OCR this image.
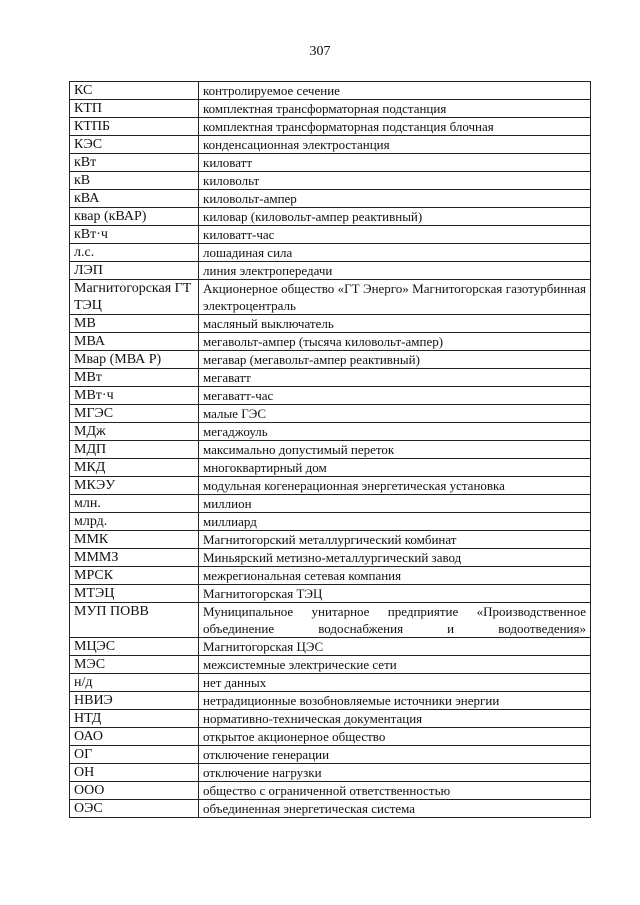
307
КС	контролируемое сечение
КТП	комплектная трансформаторная подстанция
КТПБ	комплектная трансформаторная подстанция блочная
КЭС	конденсационная электростанция
кВт	киловатт
кВ	киловольт
кВА	киловольт-ампер
квар (кВАР)	киловар (киловольт-ампер реактивный)
кВт·ч	киловатт-час
л.с.	лошадиная сила
ЛЭП	линия электропередачи
Магнитогорская ГТ ТЭЦ	Акционерное общество «ГТ Энерго» Магнитогорская газотурбинная электроцентраль
МВ	масляный выключатель
МВА	мегавольт-ампер (тысяча киловольт-ампер)
Мвар (МВА Р)	мегавар (мегавольт-ампер реактивный)
МВт	мегаватт
МВт·ч	мегаватт-час
МГЭС	малые ГЭС
МДж	мегаджоуль
МДП	максимально допустимый переток
МКД	многоквартирный дом
МКЭУ	модульная когенерационная энергетическая установка
млн.	миллион
млрд.	миллиард
ММК	Магнитогорский металлургический комбинат
МММЗ	Миньярский метизно-металлургический завод
МРСК	межрегиональная сетевая компания
МТЭЦ	Магнитогорская ТЭЦ
МУП ПОВВ	Муниципальное унитарное предприятие «Производственное объединение водоснабжения и водоотведения»
МЦЭС	Магнитогорская ЦЭС
МЭС	межсистемные электрические сети
н/д	нет данных
НВИЭ	нетрадиционные возобновляемые источники энергии
НТД	нормативно-техническая документация
ОАО	открытое акционерное общество
ОГ	отключение генерации
ОН	отключение нагрузки
ООО	общество с ограниченной ответственностью
ОЭС	объединенная энергетическая система
